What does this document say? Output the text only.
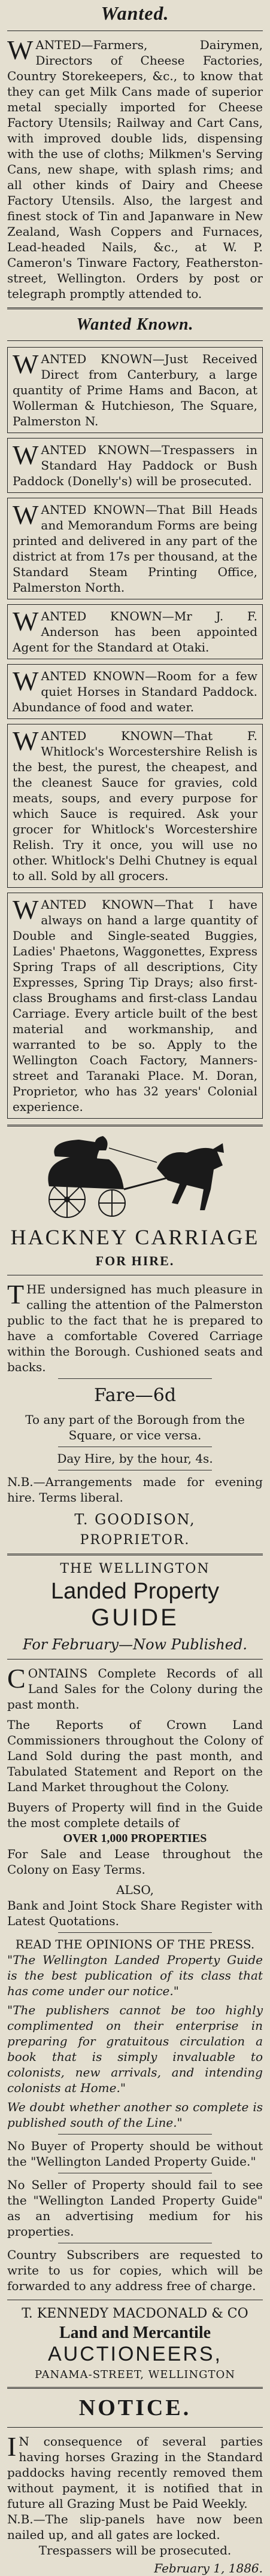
Wanted.

WANTED—Farmers, Dairymen, Directors of Cheese Factories, Country Storekeepers, &c., to know that they can get Milk Cans made of superior metal specially imported for Cheese Factory Utensils; Railway and Cart Cans, with improved double lids, dispensing with the use of cloths; Milkmen's Serving Cans, new shape, with splash rims; and all other kinds of Dairy and Cheese Factory Utensils. Also, the largest and finest stock of Tin and Japanware in New Zealand, Wash Coppers and Furnaces, Lead-headed Nails, &c., at W. P. Cameron's Tinware Factory, Featherston-street, Wellington. Orders by post or telegraph promptly attended to.

Wanted Known.

WANTED KNOWN—Just Received Direct from Canterbury, a large quantity of Prime Hams and Bacon, at Wollerman & Hutchieson, The Square, Palmerston N.

WANTED KNOWN—Trespassers in Standard Hay Paddock or Bush Paddock (Donelly's) will be prosecuted.

WANTED KNOWN—That Bill Heads and Memorandum Forms are being printed and delivered in any part of the district at from 17s per thousand, at the Standard Steam Printing Office, Palmerston North.

WANTED KNOWN—Mr J. F. Anderson has been appointed Agent for the Standard at Otaki.

WANTED KNOWN—Room for a few quiet Horses in Standard Paddock. Abundance of food and water.

WANTED KNOWN—That F. Whitlock's Worcestershire Relish is the best, the purest, the cheapest, and the cleanest Sauce for gravies, cold meats, soups, and every purpose for which Sauce is required. Ask your grocer for Whitlock's Worcestershire Relish. Try it once, you will use no other. Whitlock's Delhi Chutney is equal to all. Sold by all grocers.

WANTED KNOWN—That I have always on hand a large quantity of Double and Single-seated Buggies, Ladies' Phaetons, Waggonettes, Express Spring Traps of all descriptions, City Expresses, Spring Tip Drays; also first-class Broughams and first-class Landau Carriage. Every article built of the best material and workmanship, and warranted to be so. Apply to the Wellington Coach Factory, Manners-street and Taranaki Place. M. Doran, Proprietor, who has 32 years' Colonial experience.

HACKNEY CARRIAGE
FOR HIRE.

THE undersigned has much pleasure in calling the attention of the Palmerston public to the fact that he is prepared to have a comfortable Covered Carriage within the Borough. Cushioned seats and backs.

Fare—6d

To any part of the Borough from the Square, or vice versa.

Day Hire, by the hour, 4s.

N.B.—Arrangements made for evening hire. Terms liberal.

T. GOODISON,
PROPRIETOR.
THE WELLINGTON
Landed Property
GUIDE
For February—Now Published.

CONTAINS Complete Records of all Land Sales for the Colony during the past month.

The Reports of Crown Land Commissioners throughout the Colony of Land Sold during the past month, and Tabulated Statement and Report on the Land Market throughout the Colony.

Buyers of Property will find in the Guide the most complete details of

OVER 1,000 PROPERTIES

For Sale and Lease throughout the Colony on Easy Terms.

ALSO,

Bank and Joint Stock Share Register with Latest Quotations.

READ THE OPINIONS OF THE PRESS.

"The Wellington Landed Property Guide is the best publication of its class that has come under our notice."

"The publishers cannot be too highly complimented on their enterprise in preparing for gratuitous circulation a book that is simply invaluable to colonists, new arrivals, and intending colonists at Home."

We doubt whether another so complete is published south of the Line."

No Buyer of Property should be without the "Wellington Landed Property Guide."

No Seller of Property should fail to see the "Wellington Landed Property Guide" as an advertising medium for his properties.

Country Subscribers are requested to write to us for copies, which will be forwarded to any address free of charge.

T. KENNEDY MACDONALD & CO
Land and Mercantile
AUCTIONEERS,
PANAMA-STREET, WELLINGTON
NOTICE.

I N consequence of several parties having horses Grazing in the Standard paddocks having recently removed them without payment, it is notified that in future all Grazing Must be Paid Weekly.

N.B.—The slip-panels have now been nailed up, and all gates are locked.

Trespassers will be prosecuted.

February 1, 1886.
